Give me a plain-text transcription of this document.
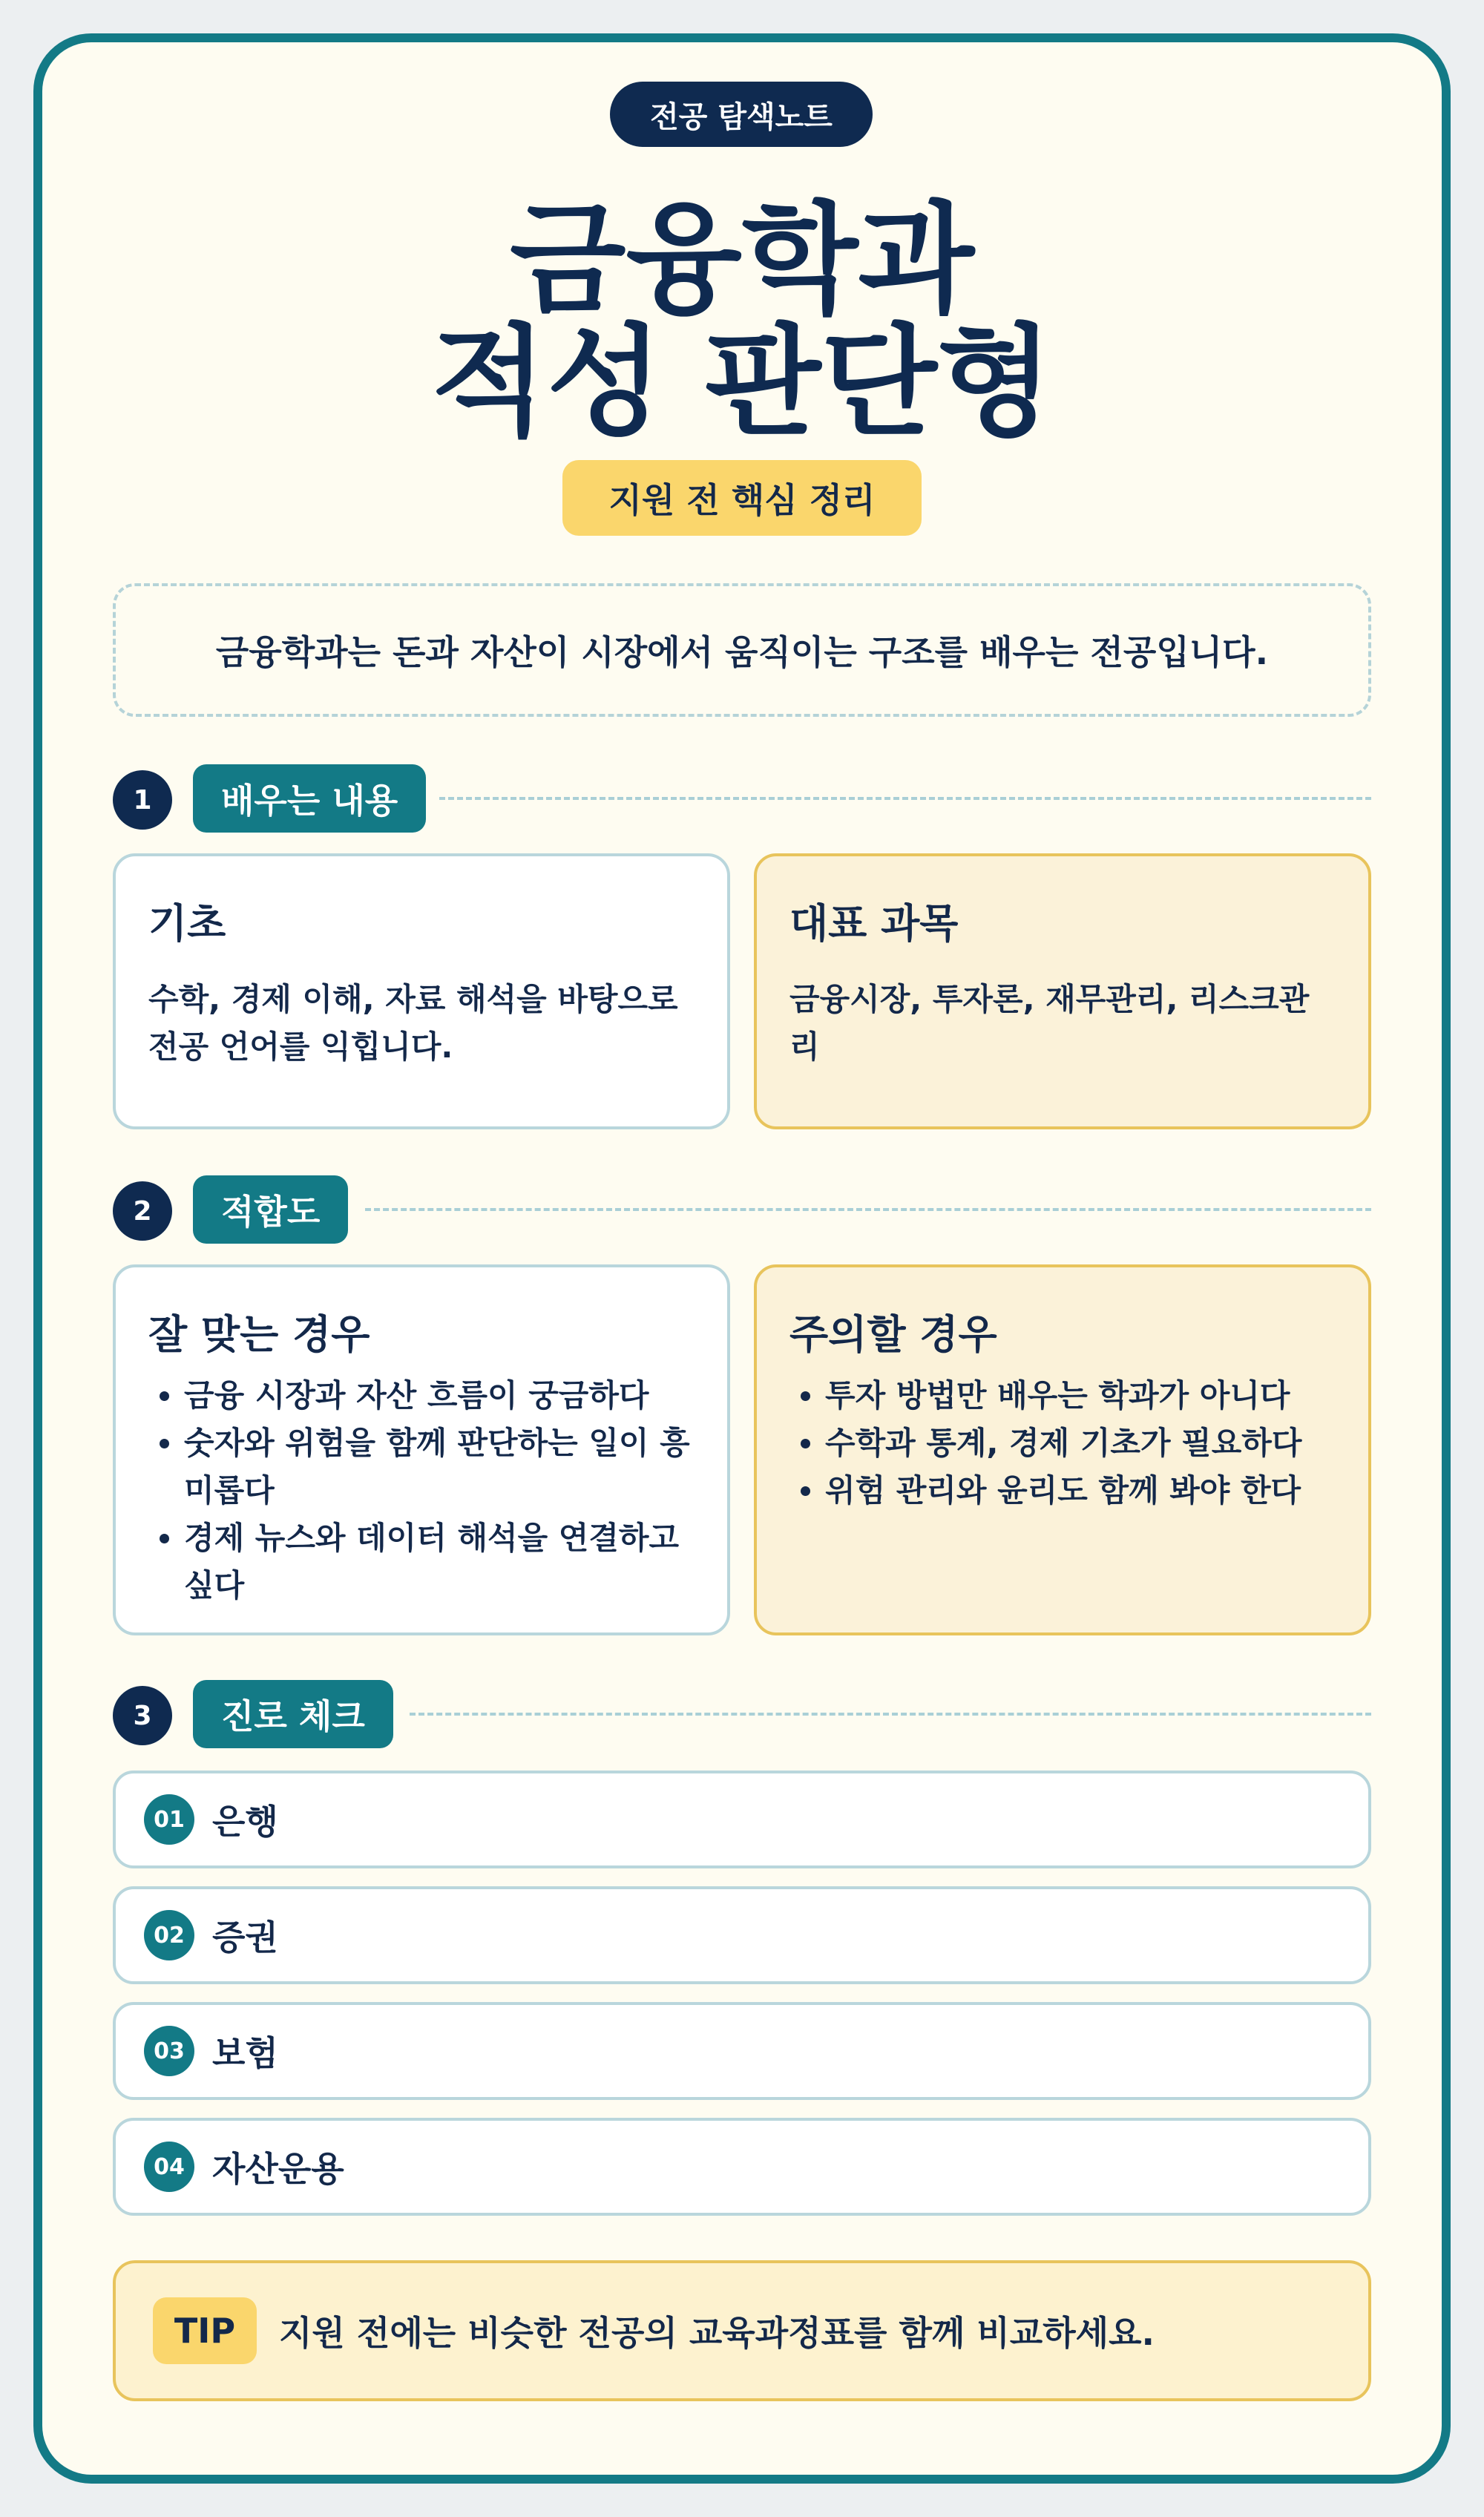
전공 탐색노트
금융학과
적성 판단형
지원 전 핵심 정리
금융학과는 돈과 자산이 시장에서 움직이는 구조를 배우는 전공입니다.
1	배우는 내용
기초
수학, 경제 이해, 자료 해석을 바탕으로 전공 언어를 익힙니다.
대표 과목
금융시장, 투자론, 재무관리, 리스크관리
2	적합도
잘 맞는 경우
• 금융 시장과 자산 흐름이 궁금하다
• 숫자와 위험을 함께 판단하는 일이 흥미롭다
• 경제 뉴스와 데이터 해석을 연결하고 싶다
주의할 경우
• 투자 방법만 배우는 학과가 아니다
• 수학과 통계, 경제 기초가 필요하다
• 위험 관리와 윤리도 함께 봐야 한다
3	진로 체크
01 은행
02 증권
03 보험
04 자산운용
TIP	지원 전에는 비슷한 전공의 교육과정표를 함께 비교하세요.
